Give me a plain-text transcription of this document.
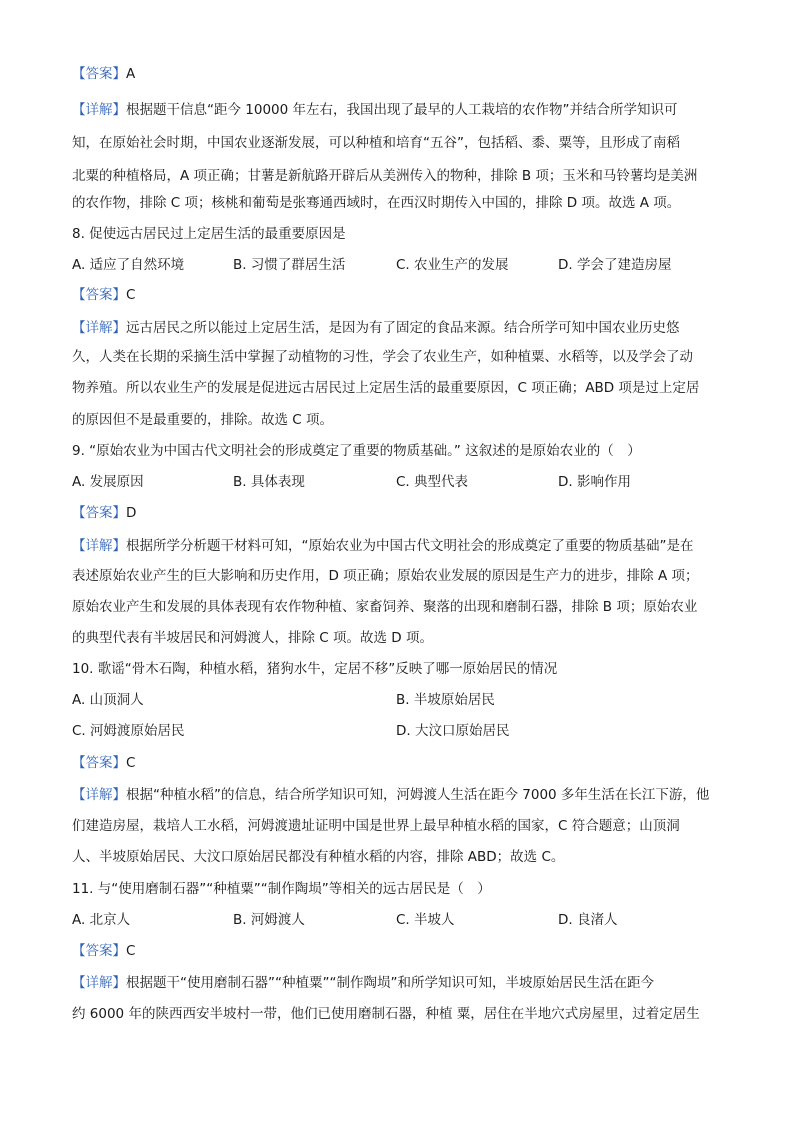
【答案】A
【详解】根据题干信息“距今 10000 年左右，我国出现了最早的人工栽培的农作物”并结合所学知识可
知，在原始社会时期，中国农业逐渐发展，可以种植和培育“五谷”，包括稻、黍、粟等，且形成了南稻
北粟的种植格局，A 项正确；甘薯是新航路开辟后从美洲传入的物种，排除 B 项；玉米和马铃薯均是美洲
的农作物，排除 C 项；核桃和葡萄是张骞通西域时，在西汉时期传入中国的，排除 D 项。故选 A 项。
8. 促使远古居民过上定居生活的最重要原因是
A. 适应了自然环境	B. 习惯了群居生活	C. 农业生产的发展	D. 学会了建造房屋
【答案】C
【详解】远古居民之所以能过上定居生活，是因为有了固定的食品来源。结合所学可知中国农业历史悠
久，人类在长期的采摘生活中掌握了动植物的习性，学会了农业生产，如种植粟、水稻等，以及学会了动
物养殖。所以农业生产的发展是促进远古居民过上定居生活的最重要原因，C 项正确；ABD 项是过上定居
的原因但不是最重要的，排除。故选 C 项。
9. “原始农业为中国古代文明社会的形成奠定了重要的物质基础。” 这叙述的是原始农业的（　）
A. 发展原因	B. 具体表现	C. 典型代表	D. 影响作用
【答案】D
【详解】根据所学分析题干材料可知，“原始农业为中国古代文明社会的形成奠定了重要的物质基础”是在
表述原始农业产生的巨大影响和历史作用，D 项正确；原始农业发展的原因是生产力的进步，排除 A 项；
原始农业产生和发展的具体表现有农作物种植、家畜饲养、聚落的出现和磨制石器，排除 B 项；原始农业
的典型代表有半坡居民和河姆渡人，排除 C 项。故选 D 项。
10. 歌谣“骨木石陶，种植水稻，猪狗水牛，定居不移”反映了哪一原始居民的情况
A. 山顶洞人	B. 半坡原始居民
C. 河姆渡原始居民	D. 大汶口原始居民
【答案】C
【详解】根据“种植水稻”的信息，结合所学知识可知，河姆渡人生活在距今 7000 多年生活在长江下游，他
们建造房屋，栽培人工水稻，河姆渡遗址证明中国是世界上最早种植水稻的国家，C 符合题意；山顶洞
人、半坡原始居民、大汶口原始居民都没有种植水稻的内容，排除 ABD；故选 C。
11. 与“使用磨制石器”“种植粟”“制作陶埙”等相关的远古居民是（　）
A. 北京人	B. 河姆渡人	C. 半坡人	D. 良渚人
【答案】C
【详解】根据题干“使用磨制石器”“种植粟”“制作陶埙”和所学知识可知，半坡原始居民生活在距今
约 6000 年的陕西西安半坡村一带，他们已使用磨制石器，种植 粟，居住在半地穴式房屋里，过着定居生
